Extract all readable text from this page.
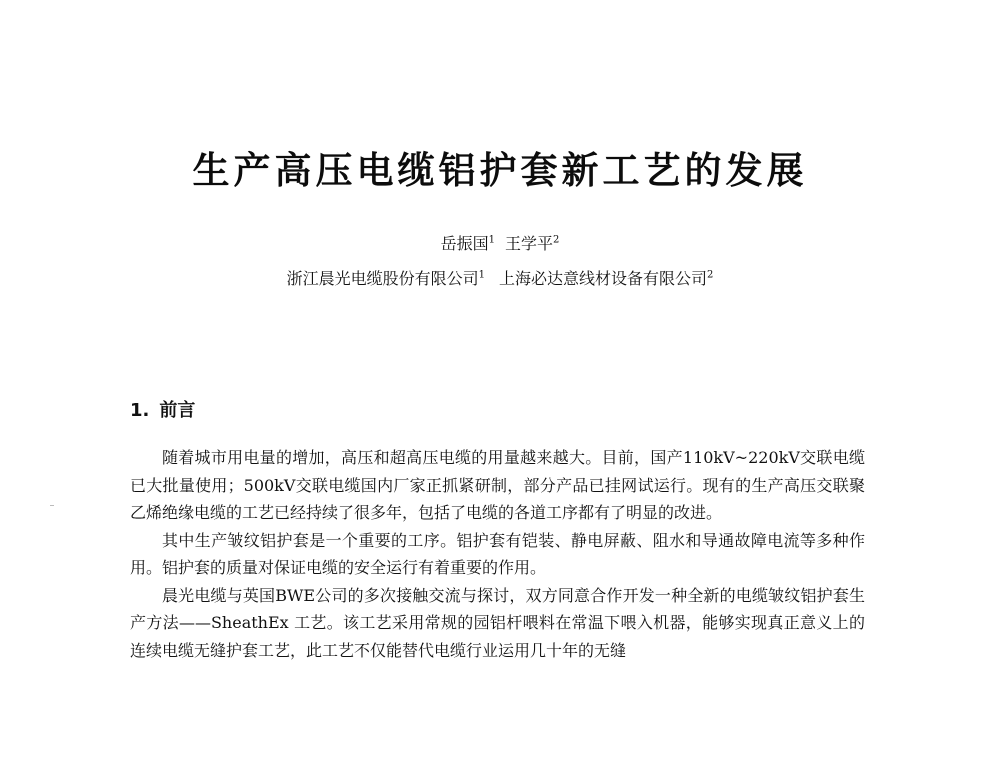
生产高压电缆铝护套新工艺的发展
岳振国$^1$ 王学平$^2$
浙江晨光电缆股份有限公司$^1$ 上海必达意线材设备有限公司$^2$
1. 前言

随着城市用电量的增加，高压和超高压电缆的用量越来越大。目前，国产110kV~220kV交联电缆已大批量使用；500kV交联电缆国内厂家正抓紧研制，部分产品已挂网试运行。现有的生产高压交联聚乙烯绝缘电缆的工艺已经持续了很多年，包括了电缆的各道工序都有了明显的改进。

其中生产皱纹铝护套是一个重要的工序。铝护套有铠装、静电屏蔽、阻水和导通故障电流等多种作用。铝护套的质量对保证电缆的安全运行有着重要的作用。

晨光电缆与英国BWE公司的多次接触交流与探讨，双方同意合作开发一种全新的电缆皱纹铝护套生产方法——SheathEx 工艺。该工艺采用常规的园铝杆喂料在常温下喂入机器，能够实现真正意义上的连续电缆无缝护套工艺，此工艺不仅能替代电缆行业运用几十年的无缝
